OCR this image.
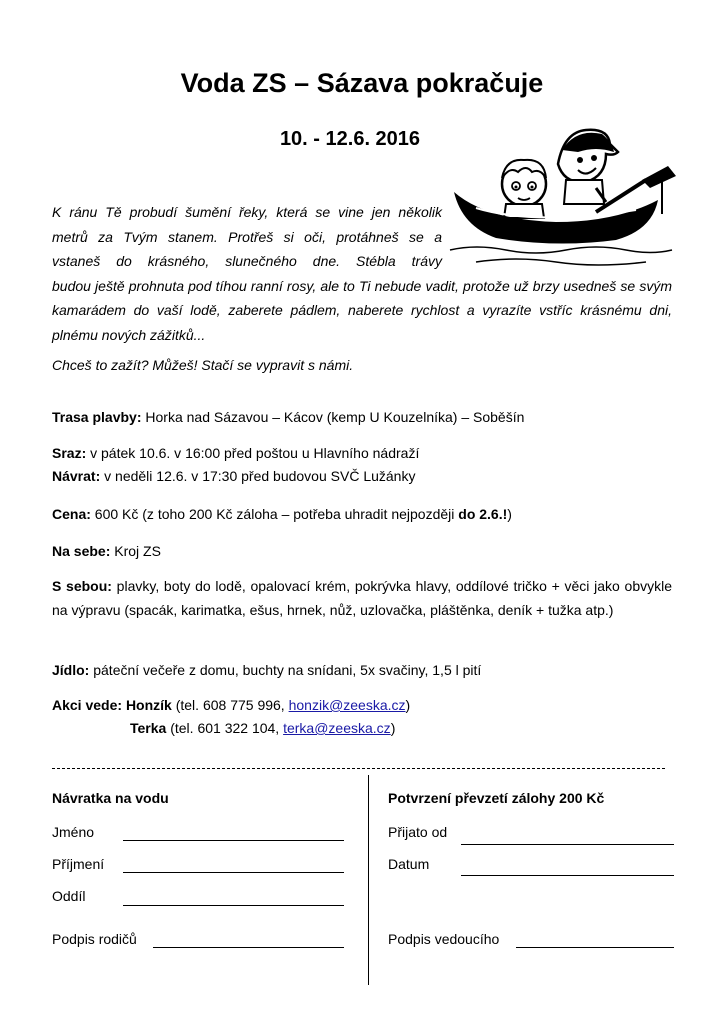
Voda ZS – Sázava pokračuje
10. - 12.6. 2016
K ránu Tě probudí šumění řeky, která se vine jen několik
metrů za Tvým stanem. Protřeš si oči, protáhneš se a
vstaneš do krásného, slunečného dne. Stébla trávy
budou ještě prohnuta pod tíhou ranní rosy, ale to Ti nebude vadit, protože už brzy usedneš se svým kamarádem do vaší lodě, zaberete pádlem, naberete rychlost a vyrazíte vstříc krásnému dni, plnému nových zážitků...

Chceš to zažít? Můžeš! Stačí se vypravit s námi.

Trasa plavby: Horka nad Sázavou – Kácov (kemp U Kouzelníka) – Soběšín

Sraz: v pátek 10.6. v 16:00 před poštou u Hlavního nádraží
Návrat: v neděli 12.6. v 17:30 před budovou SVČ Lužánky

Cena: 600 Kč (z toho 200 Kč záloha – potřeba uhradit nejpozději do 2.6.!)

Na sebe: Kroj ZS

S sebou: plavky, boty do lodě, opalovací krém, pokrývka hlavy, oddílové tričko + věci jako obvykle na výpravu (spacák, karimatka, ešus, hrnek, nůž, uzlovačka, pláštěnka, deník + tužka atp.)

Jídlo: páteční večeře z domu, buchty na snídani, 5x svačiny, 1,5 l pití

Akci vede: Honzík (tel. 608 775 996, honzik@zeeska.cz)
Terka (tel. 601 322 104, terka@zeeska.cz)

Návratka na vodu

Jméno

Příjmení

Oddíl

Podpis rodičů

Potvrzení převzetí zálohy 200 Kč

Přijato od

Datum

Podpis vedoucího
